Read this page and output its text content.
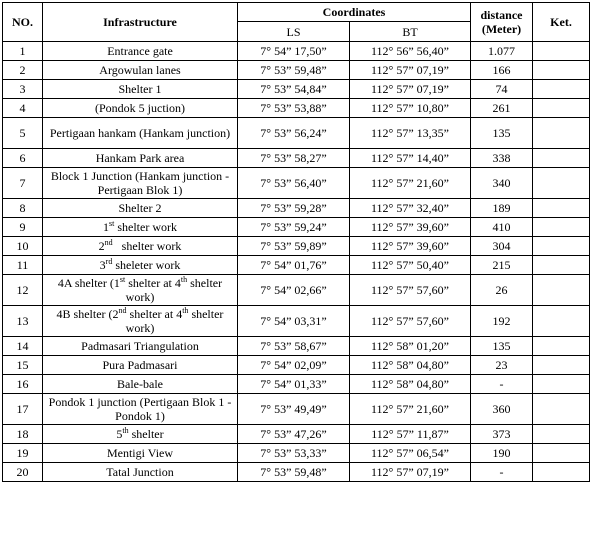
NO.	Infrastructure	Coordinates		distance (Meter)	Ket.
		LS	BT		
1	Entrance gate	7° 54” 17,50”	112° 56” 56,40”	1.077	
2	Argowulan lanes	7° 53” 59,48”	112° 57” 07,19”	166	
3	Shelter 1	7° 53” 54,84”	112° 57” 07,19”	74	
4	(Pondok 5 juction)	7° 53” 53,88”	112° 57” 10,80”	261	
5	Pertigaan hankam (Hankam junction)	7° 53” 56,24”	112° 57” 13,35”	135	
6	Hankam Park area	7° 53” 58,27”	112° 57” 14,40”	338	
7	Block 1 Junction (Hankam junction - Pertigaan Blok 1)	7° 53” 56,40”	112° 57” 21,60”	340	
8	Shelter 2	7° 53” 59,28”	112° 57” 32,40”	189	
9	1st shelter work	7° 53” 59,24”	112° 57” 39,60”	410	
10	2nd   shelter work	7° 53” 59,89”	112° 57” 39,60”	304	
11	3rd sheleter work	7° 54” 01,76”	112° 57” 50,40”	215	
12	4A shelter (1st shelter at 4th shelter work)	7° 54” 02,66”	112° 57” 57,60”	26	
13	4B shelter (2nd shelter at 4th shelter work)	7° 54” 03,31”	112° 57” 57,60”	192	
14	Padmasari Triangulation	7° 53” 58,67”	112° 58” 01,20”	135	
15	Pura Padmasari	7° 54” 02,09”	112° 58” 04,80”	23	
16	Bale-bale	7° 54” 01,33”	112° 58” 04,80”	-	
17	Pondok 1 junction (Pertigaan Blok 1 - Pondok 1)	7° 53” 49,49”	112° 57” 21,60”	360	
18	5th shelter	7° 53” 47,26”	112° 57” 11,87”	373	
19	Mentigi View	7° 53” 53,33”	112° 57” 06,54”	190	
20	Tatal Junction	7° 53” 59,48”	112° 57” 07,19”	-	
